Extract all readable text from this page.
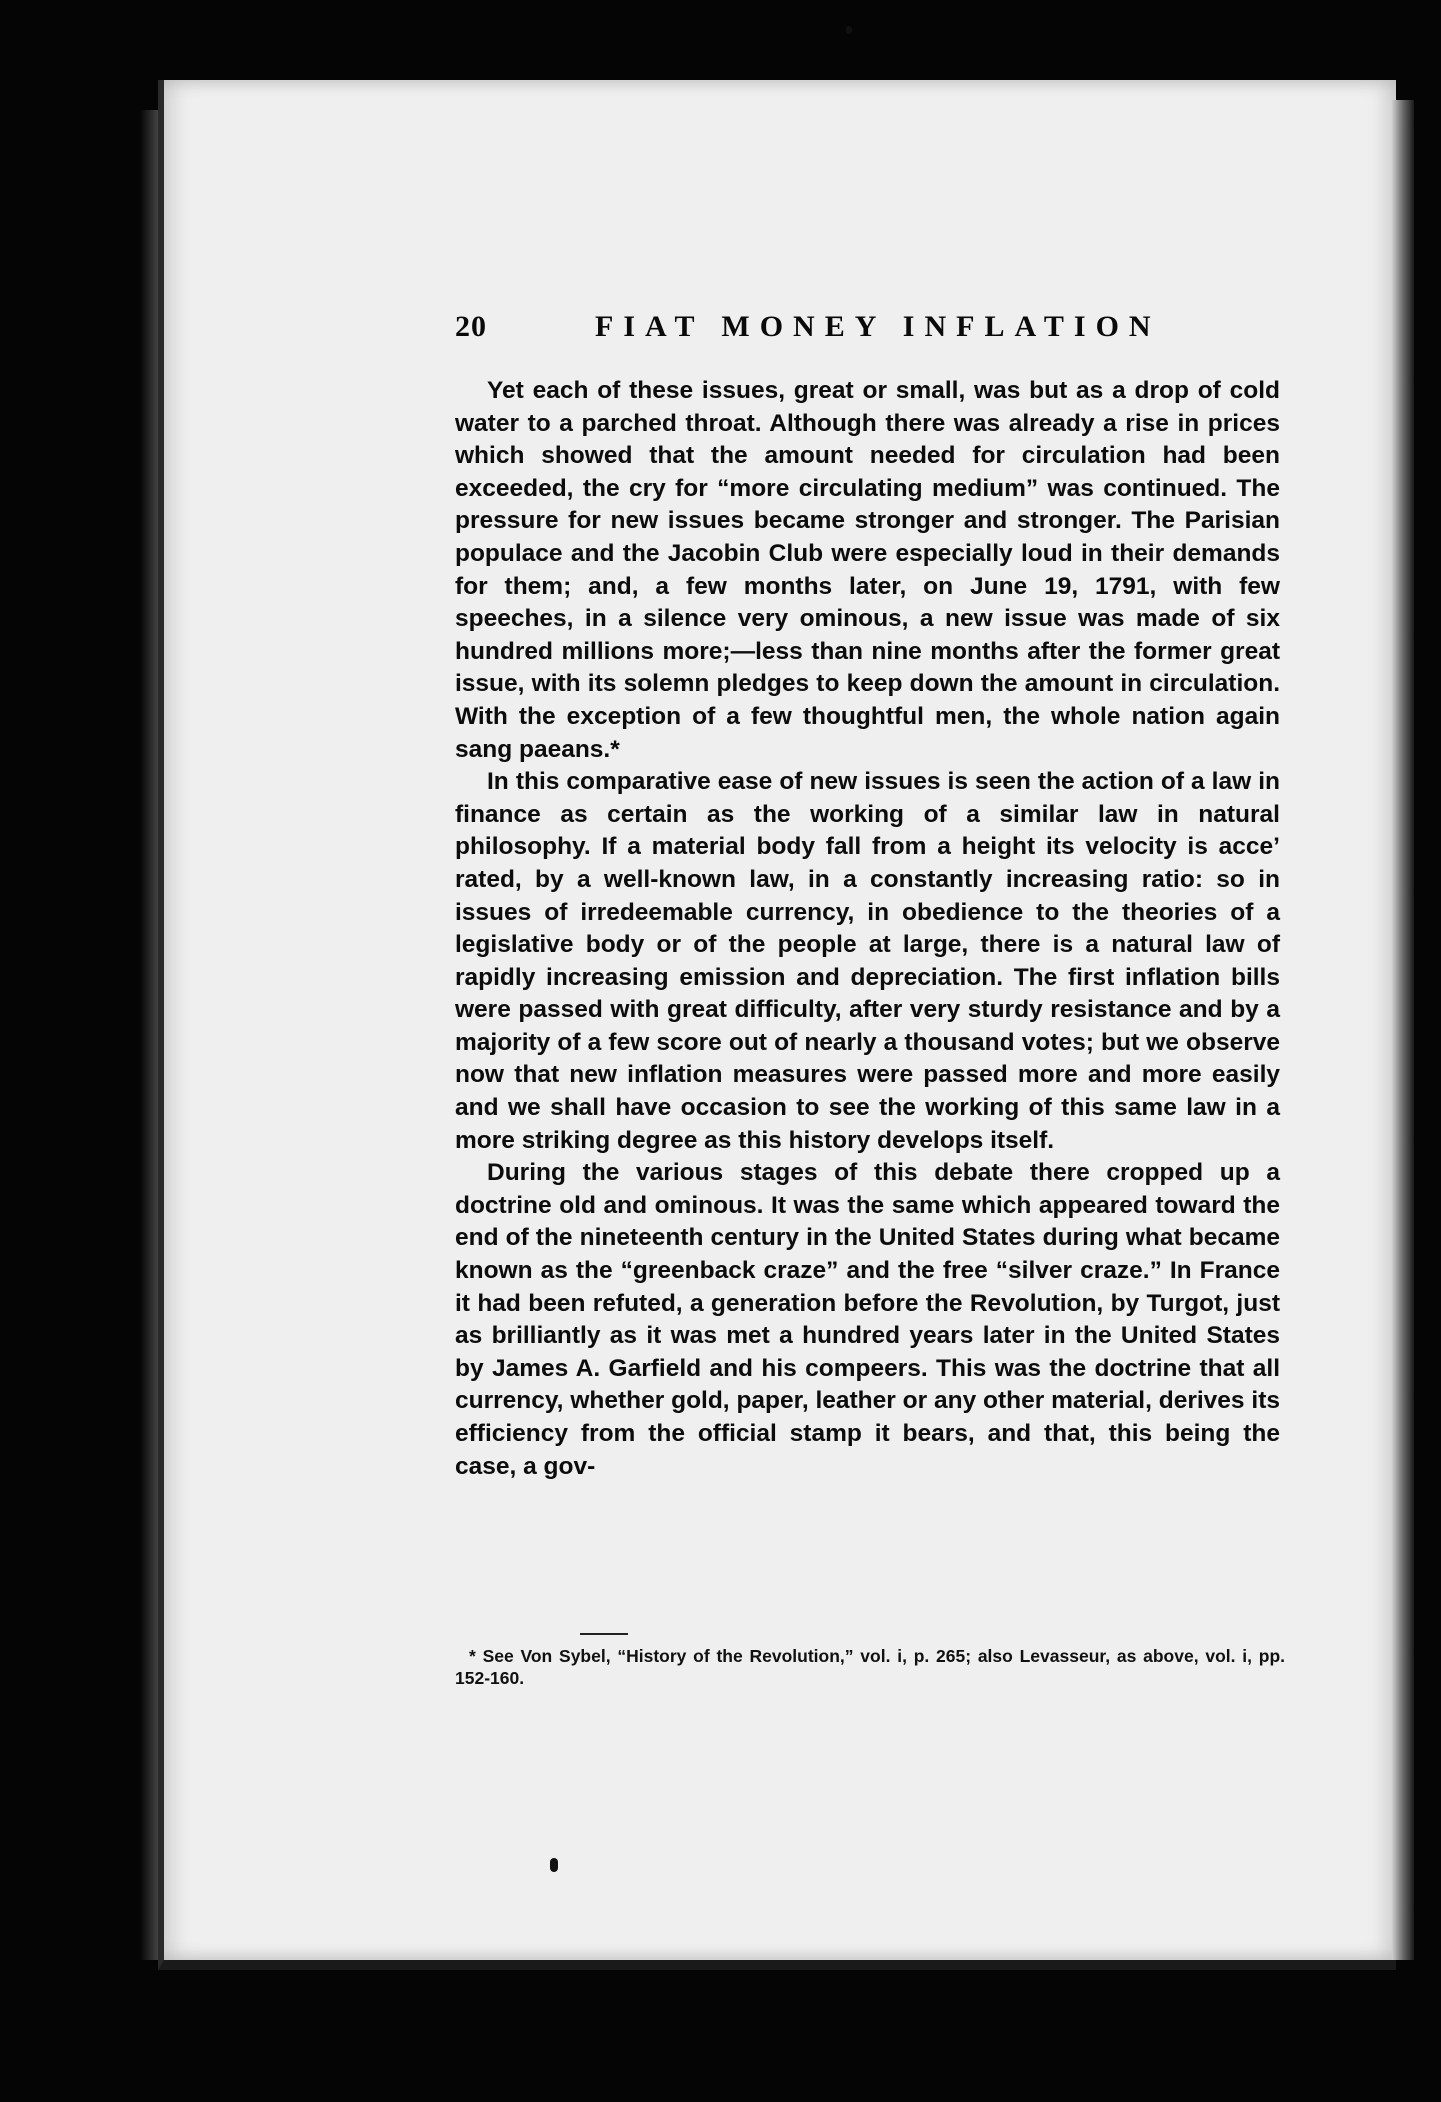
20	FIAT MONEY INFLATION

Yet each of these issues, great or small, was but as a drop of cold water to a parched throat. Although there was already a rise in prices which showed that the amount needed for circulation had been exceeded, the cry for “more circulating medium” was continued. The pressure for new issues became stronger and stronger. The Parisian populace and the Jacobin Club were especially loud in their demands for them; and, a few months later, on June 19, 1791, with few speeches, in a silence very ominous, a new issue was made of six hundred millions more;—less than nine months after the former great issue, with its solemn pledges to keep down the amount in circulation. With the exception of a few thoughtful men, the whole nation again sang paeans.*

In this comparative ease of new issues is seen the action of a law in finance as certain as the working of a similar law in natural philosophy. If a material body fall from a height its velocity is acce’ rated, by a well-known law, in a constantly increasing ratio: so in issues of irredeemable currency, in obedience to the theories of a legislative body or of the people at large, there is a natural law of rapidly increasing emission and depreciation. The first inflation bills were passed with great difficulty, after very sturdy resistance and by a majority of a few score out of nearly a thousand votes; but we observe now that new inflation measures were passed more and more easily and we shall have occasion to see the working of this same law in a more striking degree as this history develops itself.

During the various stages of this debate there cropped up a doctrine old and ominous. It was the same which appeared toward the end of the nineteenth century in the United States during what became known as the “greenback craze” and the free “silver craze.” In France it had been refuted, a generation before the Revolution, by Turgot, just as brilliantly as it was met a hundred years later in the United States by James A. Garfield and his compeers. This was the doctrine that all currency, whether gold, paper, leather or any other material, derives its efficiency from the official stamp it bears, and that, this being the case, a gov-

* See Von Sybel, “History of the Revolution,” vol. i, p. 265; also Levasseur, as above, vol. i, pp. 152-160.
